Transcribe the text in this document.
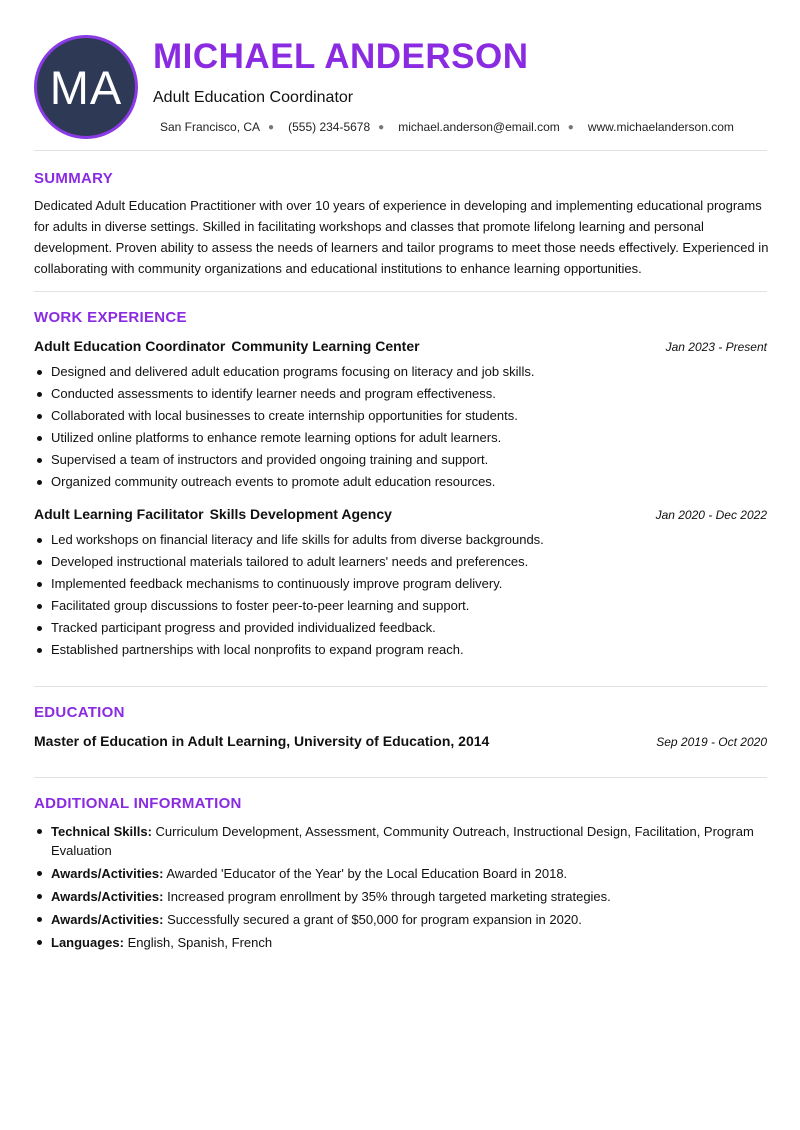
MA
MICHAEL ANDERSON
Adult Education Coordinator
San Francisco, CA ● (555) 234-5678 ● michael.anderson@email.com ● www.michaelanderson.com
SUMMARY

Dedicated Adult Education Practitioner with over 10 years of experience in developing and implementing educational programs for adults in diverse settings. Skilled in facilitating workshops and classes that promote lifelong learning and personal development. Proven ability to assess the needs of learners and tailor programs to meet those needs effectively. Experienced in collaborating with community organizations and educational institutions to enhance learning opportunities.

WORK EXPERIENCE
Adult Education Coordinator Community Learning Center	Jan 2023 - Present
Designed and delivered adult education programs focusing on literacy and job skills.
Conducted assessments to identify learner needs and program effectiveness.
Collaborated with local businesses to create internship opportunities for students.
Utilized online platforms to enhance remote learning options for adult learners.
Supervised a team of instructors and provided ongoing training and support.
Organized community outreach events to promote adult education resources.
Adult Learning Facilitator Skills Development Agency	Jan 2020 - Dec 2022
Led workshops on financial literacy and life skills for adults from diverse backgrounds.
Developed instructional materials tailored to adult learners' needs and preferences.
Implemented feedback mechanisms to continuously improve program delivery.
Facilitated group discussions to foster peer-to-peer learning and support.
Tracked participant progress and provided individualized feedback.
Established partnerships with local nonprofits to expand program reach.
EDUCATION
Master of Education in Adult Learning, University of Education, 2014	Sep 2019 - Oct 2020
ADDITIONAL INFORMATION
Technical Skills: Curriculum Development, Assessment, Community Outreach, Instructional Design, Facilitation, Program Evaluation
Awards/Activities: Awarded 'Educator of the Year' by the Local Education Board in 2018.
Awards/Activities: Increased program enrollment by 35% through targeted marketing strategies.
Awards/Activities: Successfully secured a grant of $50,000 for program expansion in 2020.
Languages: English, Spanish, French
